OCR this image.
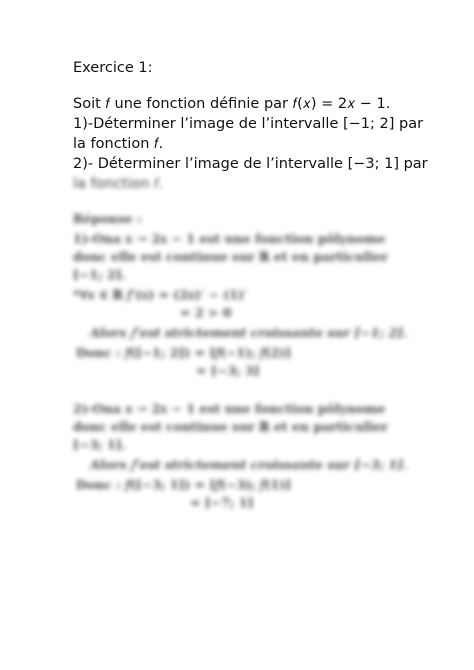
Exercice 1:

Soit 𝑓 une fonction définie par 𝑓(𝑥) = 2𝑥 − 1.

1)-Déterminer l’image de l’intervalle [−1; 2] par

la fonction 𝑓.

2)- Déterminer l’image de l’intervalle [−3; 1] par

la fonction 𝑓.

Réponse :

1)-Ona 𝑥 → 2𝑥 − 1 est une fonction pôlynome

donc elle est continue sur ℝ et en particulier

[−1; 2].

*∀𝑥 ∈ ℝ 𝑓′(𝑥) = (2𝑥)′ − (1)′

= 2 > 0

Alors 𝑓 est strictement croissante sur [−1; 2].

Donc : 𝑓([−1; 2]) = [𝑓(−1); 𝑓(2)]

= [−3; 3]

2)-Ona 𝑥 → 2𝑥 − 1 est une fonction pôlynome

donc elle est continue sur ℝ et en particulier

[−3; 1].

Alors 𝑓 est strictement croissante sur [−3; 1].

Donc : 𝑓([−3; 1]) = [𝑓(−3); 𝑓(1)]

= [−7; 1]
